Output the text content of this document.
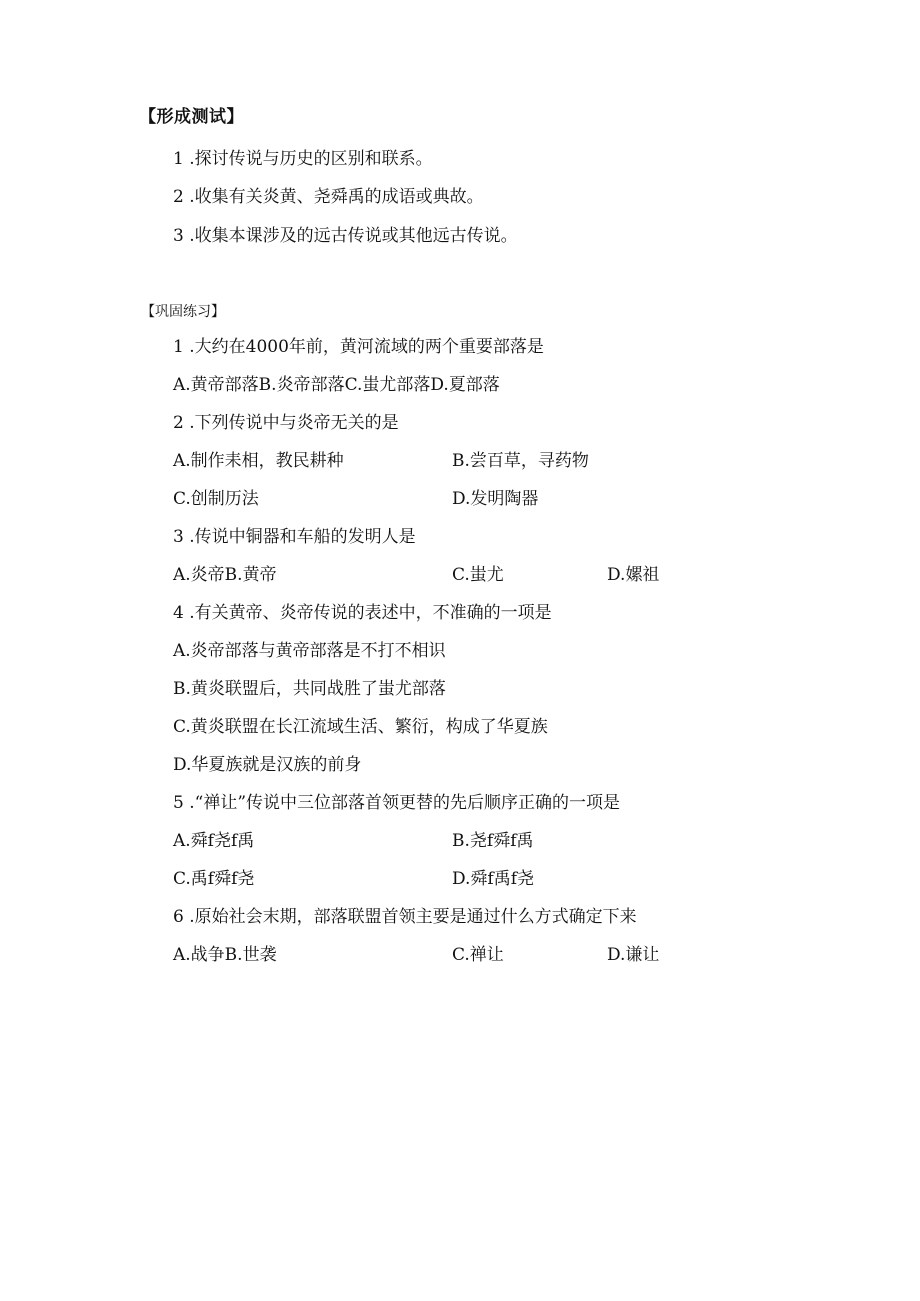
【形成测试】
1 .探讨传说与历史的区别和联系。
2 .收集有关炎黄、尧舜禹的成语或典故。
3 .收集本课涉及的远古传说或其他远古传说。
【巩固练习】
1 .大约在4000年前，黄河流域的两个重要部落是
A.黄帝部落B.炎帝部落C.蚩尤部落D.夏部落
2 .下列传说中与炎帝无关的是
A.制作耒相，教民耕种	B.尝百草，寻药物
C.创制历法	D.发明陶器
3 .传说中铜器和车船的发明人是
A.炎帝B.黄帝	C.蚩尤	D.嫘祖
4 .有关黄帝、炎帝传说的表述中，不准确的一项是
A.炎帝部落与黄帝部落是不打不相识
B.黄炎联盟后，共同战胜了蚩尤部落
C.黄炎联盟在长江流域生活、繁衍，构成了华夏族
D.华夏族就是汉族的前身
5 .“禅让”传说中三位部落首领更替的先后顺序正确的一项是
A.舜f尧f禹	B.尧f舜f禹
C.禹f舜f尧	D.舜f禹f尧
6 .原始社会末期，部落联盟首领主要是通过什么方式确定下来
A.战争B.世袭	C.禅让	D.谦让
